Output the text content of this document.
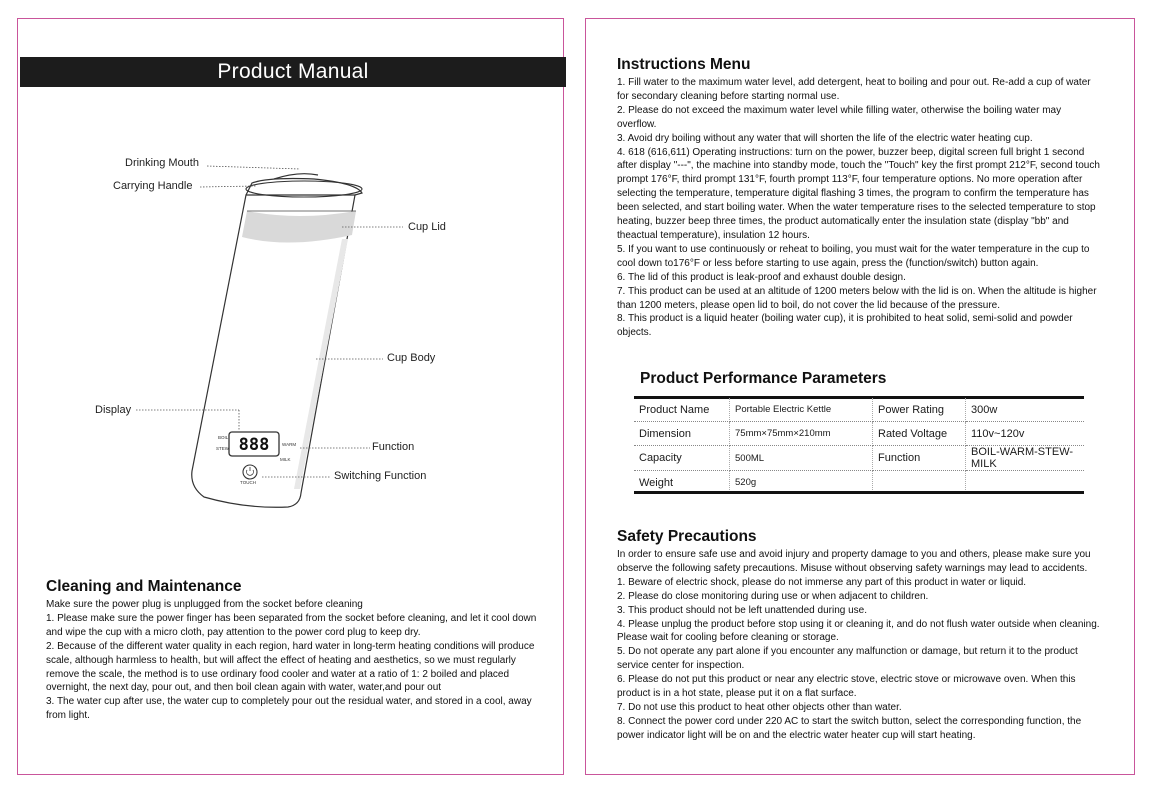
Product Manual
888
BOIL
STEW
WARM
MILK
TOUCH
Drinking Mouth
Carrying Handle
Cup Lid
Cup Body
Display
Function
Switching Function
Cleaning and Maintenance

Make sure the power plug is unplugged from the socket before cleaning

1. Please make sure the power finger has been separated from the socket before cleaning, and let it cool down and wipe the cup with a micro cloth, pay attention to the power cord plug to keep dry.

2. Because of the different water quality in each region, hard water in long-term heating conditions will produce scale, although harmless to health, but will affect the effect of heating and aesthetics, so we must regularly remove the scale, the method is to use ordinary food cooler and water at a ratio of 1: 2 boiled and placed overnight, the next day, pour out, and then boil clean again with water, water,and pour out

3. The water cup after use, the water cup to completely pour out the residual water, and stored in a cool, away from light.

Instructions Menu

1. Fill water to the maximum water level, add detergent, heat to boiling and pour out. Re-add a cup of water for secondary cleaning before starting normal use.

2. Please do not exceed the maximum water level while filling water, otherwise the boiling water may overflow.

3. Avoid dry boiling without any water that will shorten the life of the electric water heating cup.

4. 618 (616,611) Operating instructions: turn on the power, buzzer beep, digital screen full bright 1 second after display "---", the machine into standby mode, touch the "Touch" key the first prompt 212°F, second touch prompt 176°F, third prompt 131°F, fourth prompt 113°F, four temperature options. No more operation after selecting the temperature, temperature digital flashing 3 times, the program to confirm the temperature has been selected, and start boiling water. When the water temperature rises to the selected temperature to stop heating, buzzer beep three times, the product automatically enter the insulation state (display "bb" and theactual temperature), insulation 12 hours.

5. If you want to use continuously or reheat to boiling, you must wait for the water temperature in the cup to cool down to176°F or less before starting to use again, press the (function/switch) button again.

6. The lid of this product is leak-proof and exhaust double design.

7. This product can be used at an altitude of 1200 meters below with the lid is on. When the altitude is higher than 1200 meters, please open lid to boil, do not cover the lid because of the pressure.

8. This product is a liquid heater (boiling water cup), it is prohibited to heat solid, semi-solid and powder objects.

Product Performance Parameters
Product Name	Portable Electric Kettle	Power Rating	300w
Dimension	75mm×75mm×210mm	Rated Voltage	110v~120v
Capacity	500ML	Function	BOIL-WARM-STEW-MILK
Weight	520g		
Safety Precautions

In order to ensure safe use and avoid injury and property damage to you and others, please make sure you observe the following safety precautions. Misuse without observing safety warnings may lead to accidents.

1. Beware of electric shock, please do not immerse any part of this product in water or liquid.

2. Please do close monitoring during use or when adjacent to children.

3. This product should not be left unattended during use.

4. Please unplug the product before stop using it or cleaning it, and do not flush water outside when cleaning. Please wait for cooling before cleaning or storage.

5. Do not operate any part alone if you encounter any malfunction or damage, but return it to the product service center for inspection.

6. Please do not put this product or near any electric stove, electric stove or microwave oven. When this product is in a hot state, please put it on a flat surface.

7. Do not use this product to heat other objects other than water.

8. Connect the power cord under 220 AC to start the switch button, select the corresponding function, the power indicator light will be on and the electric water heater cup will start heating.
